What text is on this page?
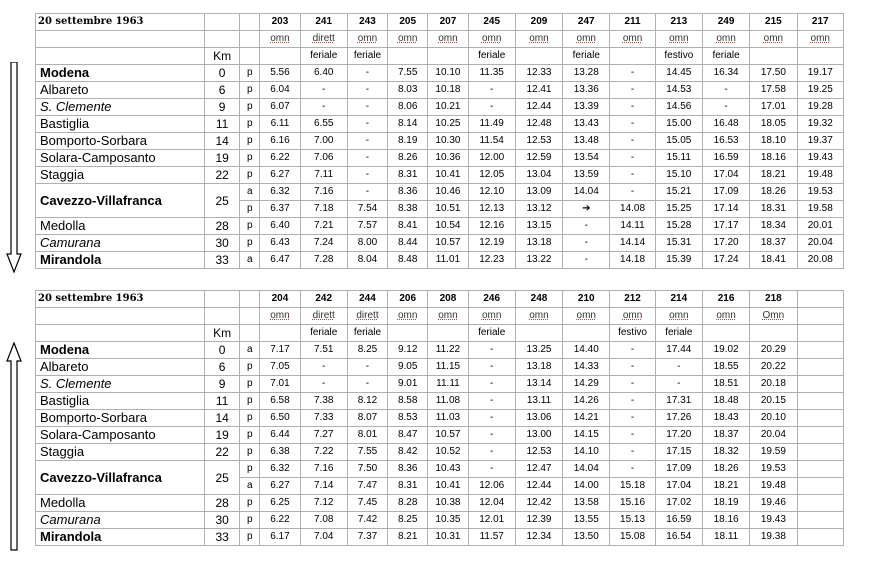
20 settembre 1963			203	241	243	205	207	245	209	247	211	213	249	215	217
			omn	dirett	omn	omn	omn	omn	omn	omn	omn	omn	omn	omn	omn
	Km			feriale	feriale			feriale		feriale		festivo	feriale		
Modena	0	p	5.56	6.40	-	7.55	10.10	11.35	12.33	13.28	-	14.45	16.34	17.50	19.17
Albareto	6	p	6.04	-	-	8.03	10.18	-	12.41	13.36	-	14.53	-	17.58	19.25
S. Clemente	9	p	6.07	-	-	8.06	10.21	-	12.44	13.39	-	14.56	-	17.01	19.28
Bastiglia	11	p	6.11	6.55	-	8.14	10.25	11.49	12.48	13.43	-	15.00	16.48	18.05	19.32
Bomporto-Sorbara	14	p	6.16	7.00	-	8.19	10.30	11.54	12.53	13.48	-	15.05	16.53	18.10	19.37
Solara-Camposanto	19	p	6.22	7.06	-	8.26	10.36	12.00	12.59	13.54	-	15.11	16.59	18.16	19.43
Staggia	22	p	6.27	7.11	-	8.31	10.41	12.05	13.04	13.59	-	15.10	17.04	18.21	19.48
Cavezzo-Villafranca	25	a	6.32	7.16	-	8.36	10.46	12.10	13.09	14.04	-	15.21	17.09	18.26	19.53
		p	6.37	7.18	7.54	8.38	10.51	12.13	13.12	➔	14.08	15.25	17.14	18.31	19.58
Medolla	28	p	6.40	7.21	7.57	8.41	10.54	12.16	13.15	-	14.11	15.28	17.17	18.34	20.01
Camurana	30	p	6.43	7.24	8.00	8.44	10.57	12.19	13.18	-	14.14	15.31	17.20	18.37	20.04
Mirandola	33	a	6.47	7.28	8.04	8.48	11.01	12.23	13.22	-	14.18	15.39	17.24	18.41	20.08
20 settembre 1963			204	242	244	206	208	246	248	210	212	214	216	218	
			omn	dirett	dirett	omn	omn	omn	omn	omn	omn	omn	omn	Omn	
	Km			feriale	feriale			feriale			festivo	feriale			
Modena	0	a	7.17	7.51	8.25	9.12	11.22	-	13.25	14.40	-	17.44	19.02	20.29	
Albareto	6	p	7.05	-	-	9.05	11.15	-	13.18	14.33	-	-	18.55	20.22	
S. Clemente	9	p	7.01	-	-	9.01	11.11	-	13.14	14.29	-	-	18.51	20.18	
Bastiglia	11	p	6.58	7.38	8.12	8.58	11.08	-	13.11	14.26	-	17.31	18.48	20.15	
Bomporto-Sorbara	14	p	6.50	7.33	8.07	8.53	11.03	-	13.06	14.21	-	17.26	18.43	20.10	
Solara-Camposanto	19	p	6.44	7.27	8.01	8.47	10.57	-	13.00	14.15	-	17.20	18.37	20.04	
Staggia	22	p	6.38	7.22	7.55	8.42	10.52	-	12.53	14.10	-	17.15	18.32	19.59	
Cavezzo-Villafranca	25	p	6.32	7.16	7.50	8.36	10.43	-	12.47	14.04	-	17.09	18.26	19.53	
		a	6.27	7.14	7.47	8.31	10.41	12.06	12.44	14.00	15.18	17.04	18.21	19.48	
Medolla	28	p	6.25	7.12	7.45	8.28	10.38	12.04	12.42	13.58	15.16	17.02	18.19	19.46	
Camurana	30	p	6.22	7.08	7.42	8.25	10.35	12.01	12.39	13.55	15.13	16.59	18.16	19.43	
Mirandola	33	p	6.17	7.04	7.37	8.21	10.31	11.57	12.34	13.50	15.08	16.54	18.11	19.38	
